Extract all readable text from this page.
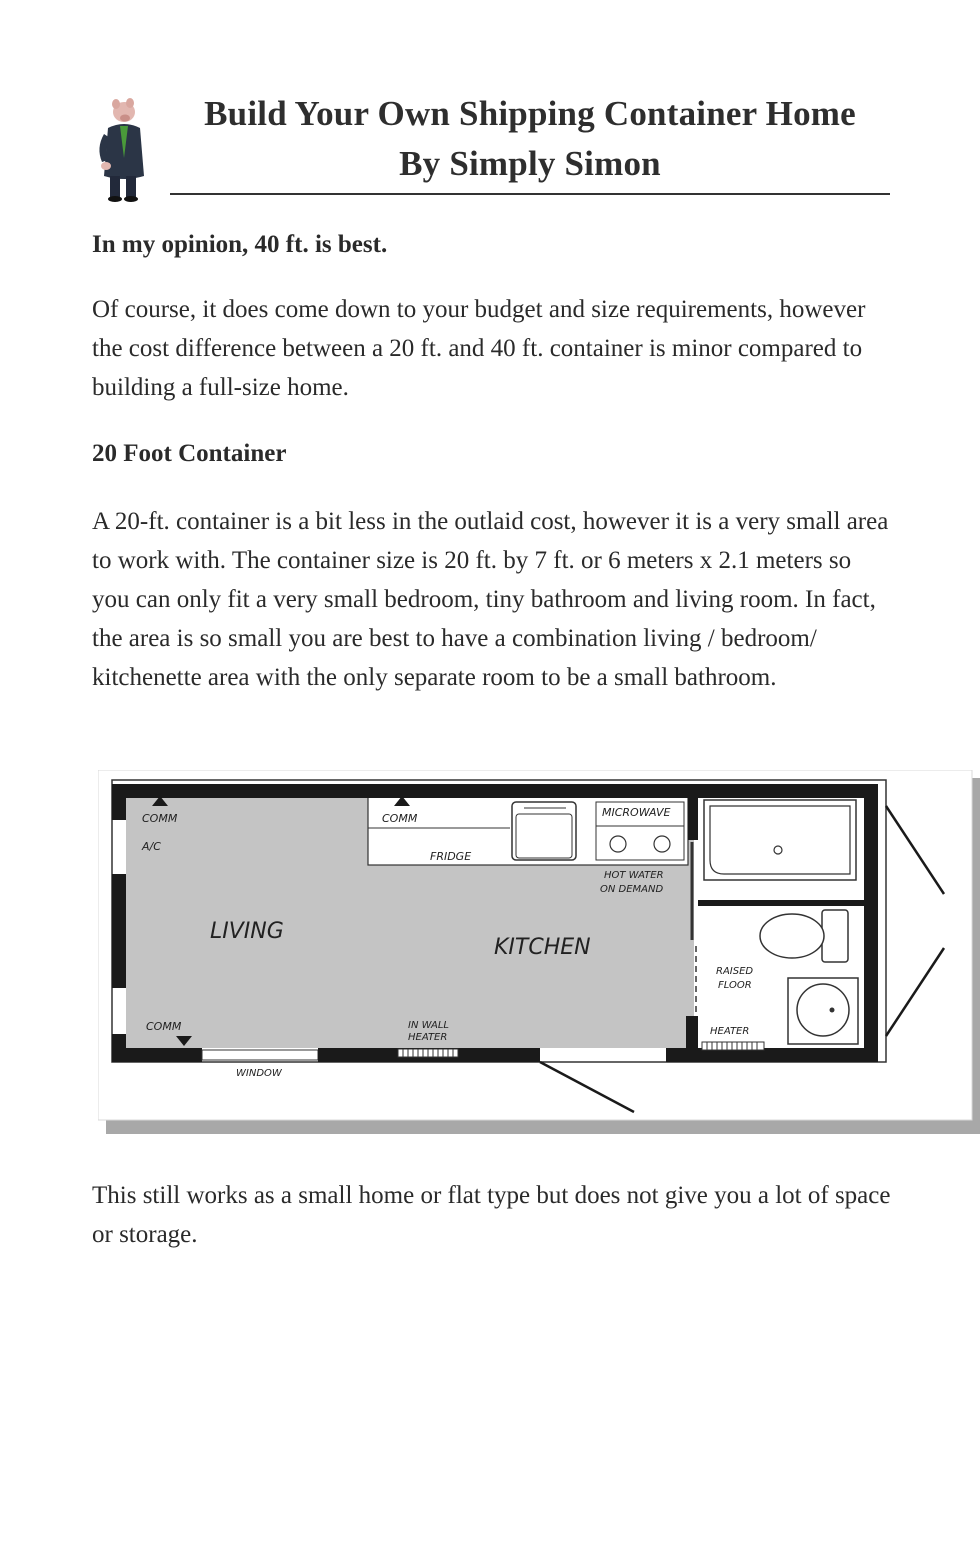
Build Your Own Shipping Container Home
By Simply Simon
In my opinion, 40 ft. is best.
Of course, it does come down to your budget and size requirements, however the cost difference between a 20 ft. and 40 ft. container is minor compared to building a full-size home.
20 Foot Container
A 20-ft. container is a bit less in the outlaid cost, however it is a very small area to work with. The container size is 20 ft. by 7 ft. or 6 meters x 2.1 meters so you can only fit a very small bedroom, tiny bathroom and living room. In fact, the area is so small you are best to have a combination living / bedroom/ kitchenette area with the only separate room to be a small bathroom.
COMM
A/C
COMM
FRIDGE
MICROWAVE
HOT WATER
ON DEMAND
LIVING
KITCHEN
RAISED
FLOOR
COMM	IN WALL
HEATER
HEATER
WINDOW
This still works as a small home or flat type but does not give you a lot of space or storage.
